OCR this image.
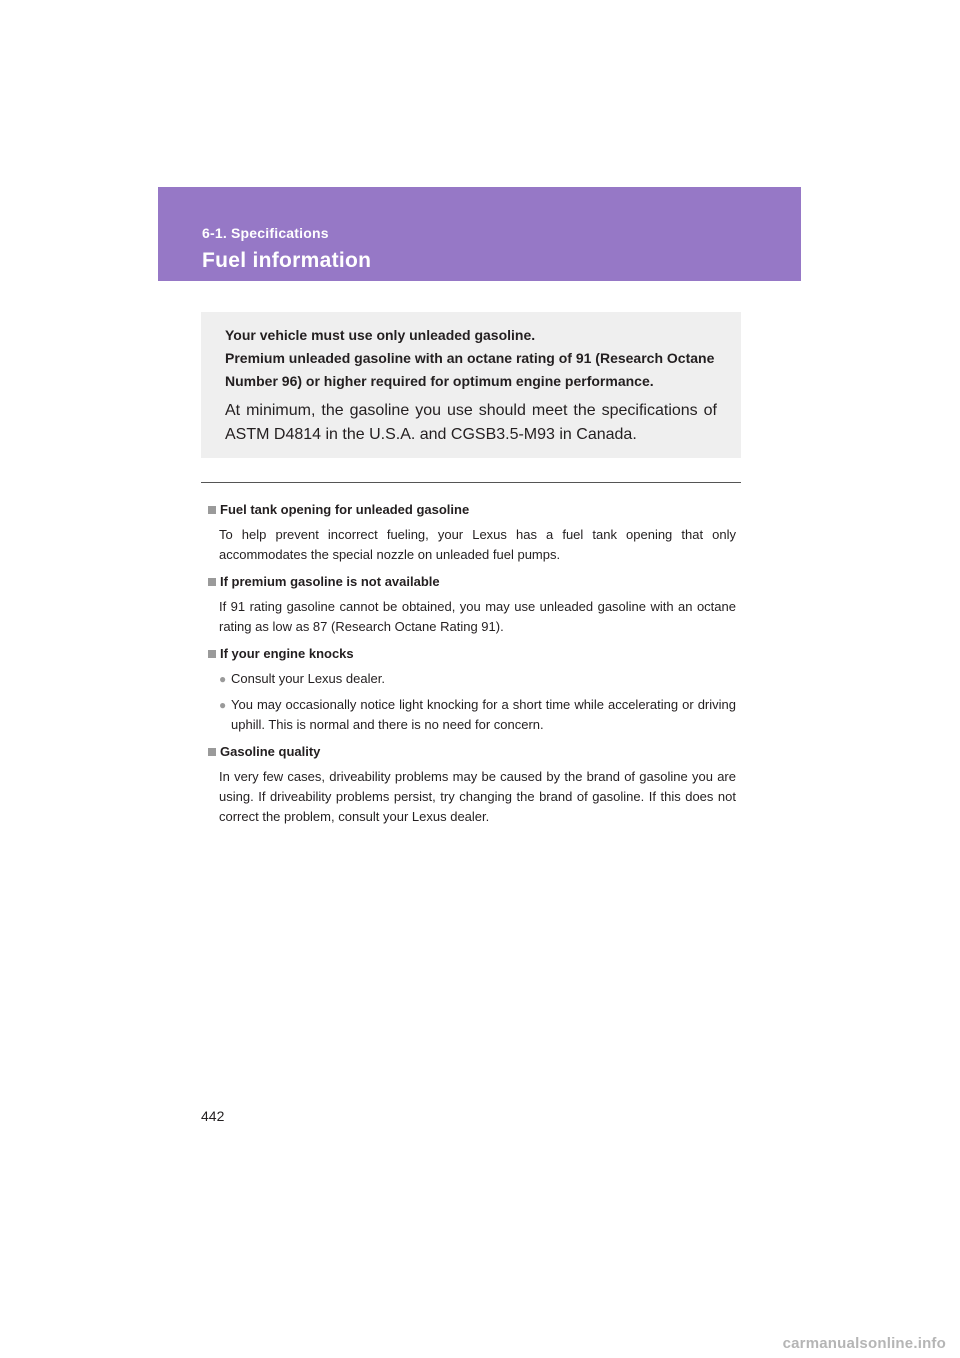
6-1. Specifications
Fuel information

Your vehicle must use only unleaded gasoline.

Premium unleaded gasoline with an octane rating of 91 (Research Octane Number 96) or higher required for optimum engine performance.

At minimum, the gasoline you use should meet the specifications of ASTM D4814 in the U.S.A. and CGSB3.5-M93 in Canada.

Fuel tank opening for unleaded gasoline

To help prevent incorrect fueling, your Lexus has a fuel tank opening that only accommodates the special nozzle on unleaded fuel pumps.

If premium gasoline is not available

If 91 rating gasoline cannot be obtained, you may use unleaded gasoline with an octane rating as low as 87 (Research Octane Rating 91).

If your engine knocks

● Consult your Lexus dealer.
● You may occasionally notice light knocking for a short time while accelerating or driving uphill. This is normal and there is no need for concern.

Gasoline quality

In very few cases, driveability problems may be caused by the brand of gasoline you are using. If driveability problems persist, try changing the brand of gasoline. If this does not correct the problem, consult your Lexus dealer.

442
carmanualsonline.info
